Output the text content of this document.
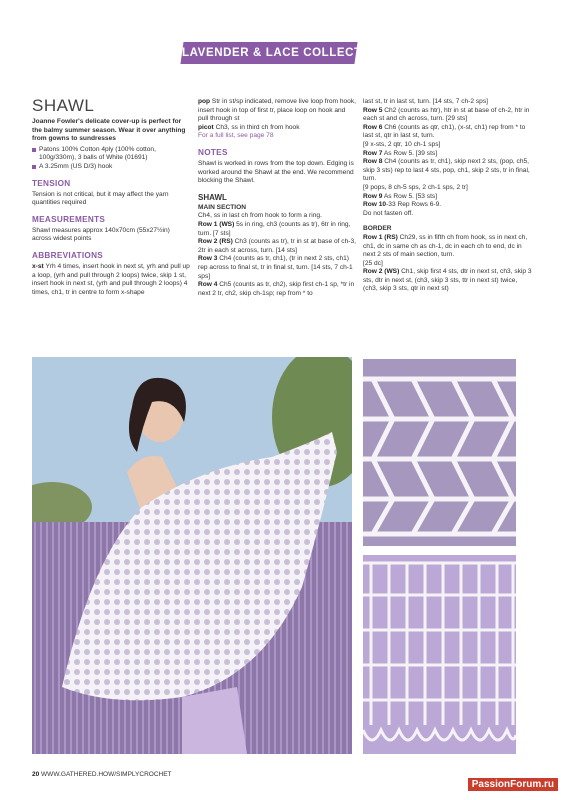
LAVENDER & LACE COLLECTION
SHAWL

Joanne Fowler's delicate cover-up is perfect for the balmy summer season. Wear it over anything from gowns to sundresses

Patons 100% Cotton 4ply (100% cotton, 100g/330m), 3 balls of White (01691)
A 3.25mm (US D/3) hook
TENSION

Tension is not critical, but it may affect the yarn quantities required

MEASUREMENTS

Shawl measures approx 140x70cm (55x27½in) across widest points

ABBREVIATIONS

x-st Yrh 4 times, insert hook in next st, yrh and pull up a loop, (yrh and pull through 2 loops) twice, skip 1 st, insert hook in next st, (yrh and pull through 2 loops) 4 times, ch1, tr in centre to form x-shape

pop Str in st/sp indicated, remove live loop from hook, insert hook in top of first tr, place loop on hook and pull through st

picot Ch3, ss in third ch from hook

For a full list, see page 78

NOTES

Shawl is worked in rows from the top down. Edging is worked around the Shawl at the end. We recommend blocking the Shawl.

SHAWL
MAIN SECTION

Ch4, ss in last ch from hook to form a ring.

Row 1 (WS) 5s in ring, ch3 (counts as tr), 6tr in ring, turn. [7 sts]

Row 2 (RS) Ch3 (counts as tr), tr in st at base of ch-3, 2tr in each st across, turn. [14 sts]

Row 3 Ch4 (counts as tr, ch1), (tr in next 2 sts, ch1) rep across to final st, tr in final st, turn. [14 sts, 7 ch-1 sps]

Row 4 Ch5 (counts as tr, ch2), skip first ch-1 sp, *tr in next 2 tr, ch2, skip ch-1sp; rep from * to

last st, tr in last st, turn. [14 sts, 7 ch-2 sps]

Row 5 Ch2 (counts as htr), htr in st at base of ch-2, htr in each st and ch across, turn. [29 sts]

Row 6 Ch6 (counts as qtr, ch1), (x-st, ch1) rep from * to last st, qtr in last st, turn.

[9 x-sts, 2 qtr, 10 ch-1 sps]

Row 7 As Row 5. [39 sts]

Row 8 Ch4 (counts as tr, ch1), skip next 2 sts, (pop, ch5, skip 3 sts) rep to last 4 sts, pop, ch1, skip 2 sts, tr in final, turn.

[9 pops, 8 ch-5 sps, 2 ch-1 sps, 2 tr]

Row 9 As Row 5. [53 sts]

Row 10-33 Rep Rows 6-9.

Do not fasten off.

BORDER

Row 1 (RS) Ch29, ss in fifth ch from hook, ss in next ch, ch1, dc in same ch as ch-1, dc in each ch to end, dc in next 2 sts of main section, turn.

[25 dc]

Row 2 (WS) Ch1, skip first 4 sts, dtr in next st, ch3, skip 3 sts, dtr in next st, (ch3, skip 3 sts, ttr in next st) twice, (ch3, skip 3 sts, qtr in next st)

20 WWW.GATHERED.HOW/SIMPLYCROCHET
PassionForum.ru
